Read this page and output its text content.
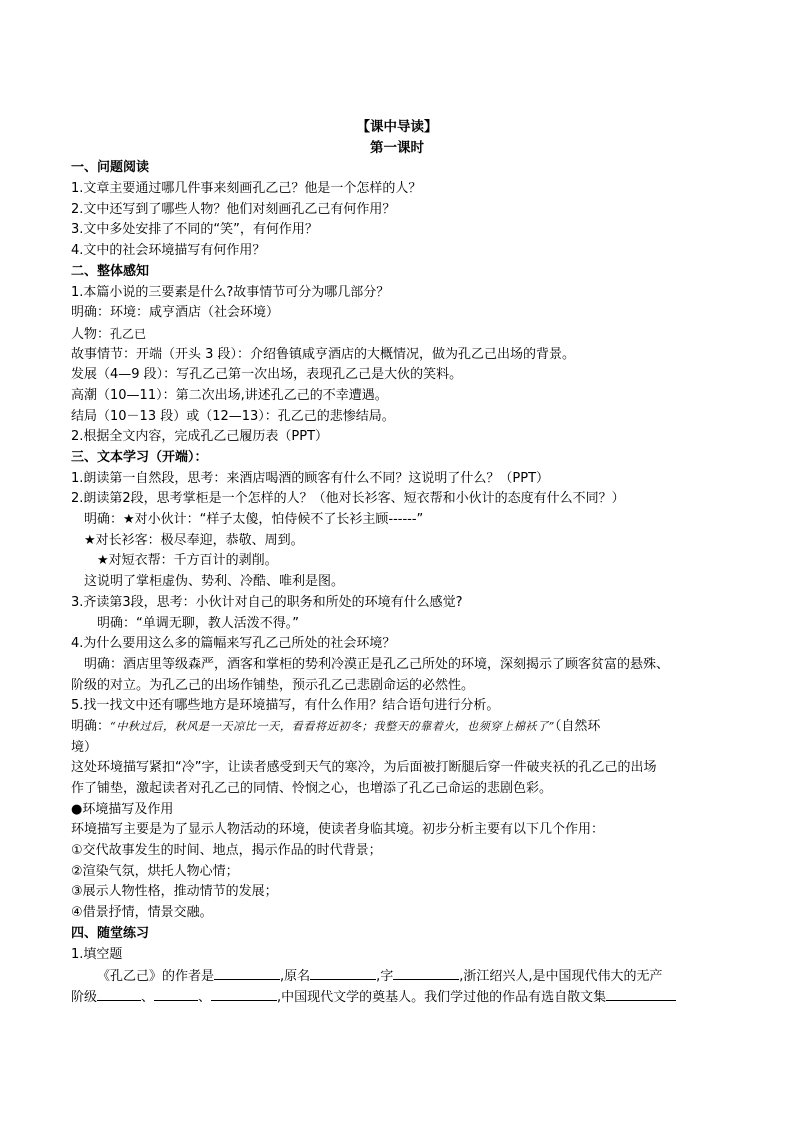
【课中导读】
第一课时
一、问题阅读
1.文章主要通过哪几件事来刻画孔乙己？他是一个怎样的人？
2.文中还写到了哪些人物？他们对刻画孔乙己有何作用？
3.文中多处安排了不同的“笑”，有何作用？
4.文中的社会环境描写有何作用？
二、整体感知
1.本篇小说的三要素是什么?故事情节可分为哪几部分？
明确：环境：咸亨酒店（社会环境）
人物：孔乙已
故事情节：开端（开头 3 段）：介绍鲁镇咸亨酒店的大概情况，做为孔乙己出场的背景。
发展（4—9 段）：写孔乙己第一次出场，表现孔乙己是大伙的笑料。
高潮（10—11）：第二次出场,讲述孔乙己的不幸遭遇。
结局（10－13 段）或（12—13）：孔乙己的悲惨结局。
2.根据全文内容，完成孔乙己履历表（PPT）
三、文本学习（开端）：
1.朗读第一自然段，思考：来酒店喝酒的顾客有什么不同？这说明了什么？（PPT）
2.朗读第2段，思考掌柜是一个怎样的人？（他对长衫客、短衣帮和小伙计的态度有什么不同？）
明确：★对小伙计：“样子太傻，怕侍候不了长衫主顾------”
★对长衫客：极尽奉迎，恭敬、周到。
★对短衣帮：千方百计的剥削。
这说明了掌柜虚伪、势利、冷酷、唯利是图。
3.齐读第3段，思考：小伙计对自己的职务和所处的环境有什么感觉?
明确：“单调无聊，教人活泼不得。”
4.为什么要用这么多的篇幅来写孔乙己所处的社会环境？
明确：酒店里等级森严，酒客和掌柜的势利冷漠正是孔乙己所处的环境，深刻揭示了顾客贫富的悬殊、
阶级的对立。为孔乙己的出场作铺垫，预示孔乙己悲剧命运的必然性。
5.找一找文中还有哪些地方是环境描写，有什么作用？结合语句进行分析。
明确：“中秋过后，秋风是一天凉比一天，看看将近初冬；我整天的靠着火，也须穿上棉袄了”（自然环
境）
这处环境描写紧扣“冷”字，让读者感受到天气的寒冷，为后面被打断腿后穿一件破夹袄的孔乙己的出场
作了铺垫，激起读者对孔乙己的同情、怜悯之心，也增添了孔乙己命运的悲剧色彩。
●环境描写及作用
环境描写主要是为了显示人物活动的环境，使读者身临其境。初步分析主要有以下几个作用：
①交代故事发生的时间、地点，揭示作品的时代背景；
②渲染气氛，烘托人物心情；
③展示人物性格，推动情节的发展；
④借景抒情，情景交融。
四、随堂练习
1.填空题
《孔乙己》的作者是	,原名	,字	,浙江绍兴人,是中国现代伟大的无产
阶级	、	、	,中国现代文学的奠基人。我们学过他的作品有选自散文集
